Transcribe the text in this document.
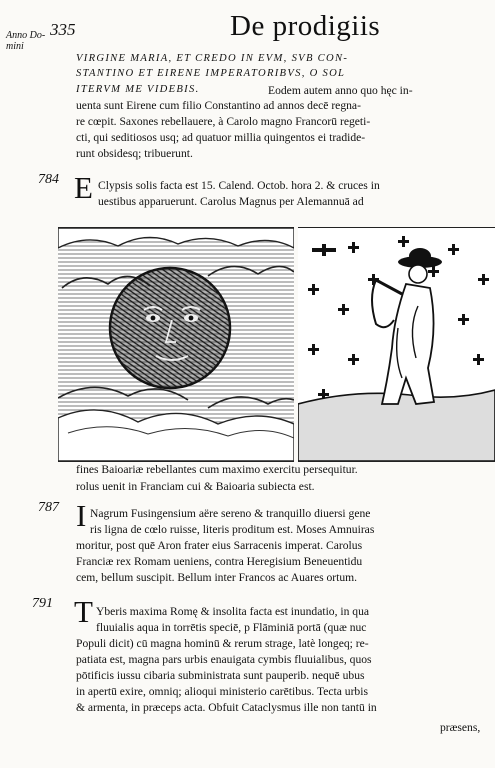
Anno Do- mini
335	De prodigiis
VIRGINE MARIA, ET CREDO IN EVM, SVB CON-
STANTINO ET EIRENE IMPERATORIBVS, O SOL
ITERVM ME VIDEBIS.	Eodem autem anno quo hęc in-
uenta sunt Eirene cum filio Constantino ad annos decē regna-
re cœpit. Saxones rebellauere, à Carolo magno Francorū regeti-
cti, qui seditiosos usq; ad quatuor millia quingentos ei tradide-
runt obsidesq; tribuerunt.
784 E Clypsis solis facta est 15. Calend. Octob. hora 2. & cruces in
uestibus apparuerunt. Carolus Magnus per Alemannuā ad
fines Baioariæ rebellantes cum maximo exercitu persequitur.
rolus uenit in Franciam cui & Baioaria subiecta est.
787 I Nagrum Fusingensium aëre sereno & tranquillo diuersi gene
ris ligna de cœlo ruisse, literis proditum est. Moses Amnuiras
moritur, post quē Aron frater eius Sarracenis imperat. Carolus
Franciæ rex Romam ueniens, contra Heregisium Beneuentidu
cem, bellum suscipit. Bellum inter Francos ac Auares ortum.
791 T Yberis maxima Romę & insolita facta est inundatio, in qua
fluuialis aqua in torrētis speciē, p Flāminiā portā (quæ nuc
Populi dicit) cū magna hominū & rerum strage, latè longeq; re-
patiata est, magna pars urbis enauigata cymbis fluuialibus, quos
pōtificis iussu cibaria subministrata sunt pauperib. nequē ubus
in apertū exire, omniq; alioqui ministerio carētibus. Tecta urbis
& armenta, in præceps acta. Obfuit Cataclysmus ille non tantū in
præsens,
